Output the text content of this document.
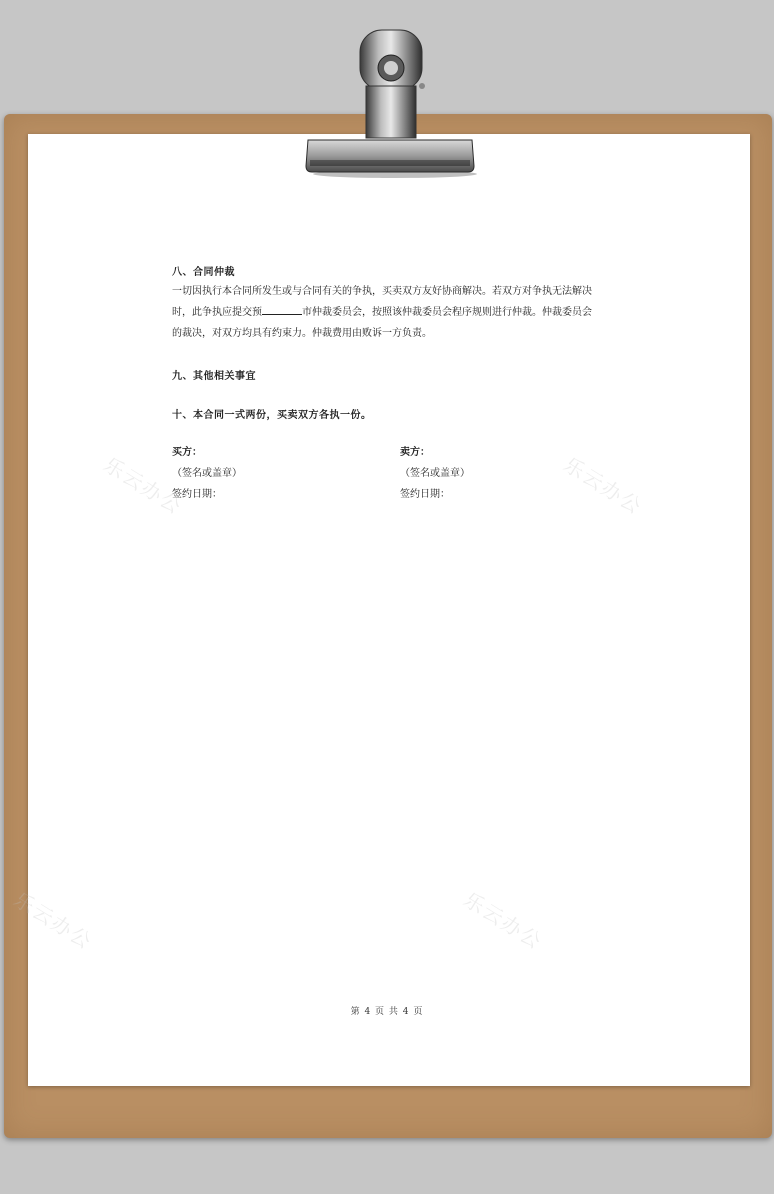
乐云办公	乐云办公
乐云办公	乐云办公
八、合同仲裁
一切因执行本合同所发生或与合同有关的争执，买卖双方友好协商解决。若双方对争执无法解决
时，此争执应提交预	市仲裁委员会，按照该仲裁委员会程序规则进行仲裁。仲裁委员会
的裁决，对双方均具有约束力。仲裁费用由败诉一方负责。
九、其他相关事宜
十、本合同一式两份，买卖双方各执一份。
买方：
（签名或盖章）
签约日期：
卖方：
（签名或盖章）
签约日期：
第 4 页 共 4 页
